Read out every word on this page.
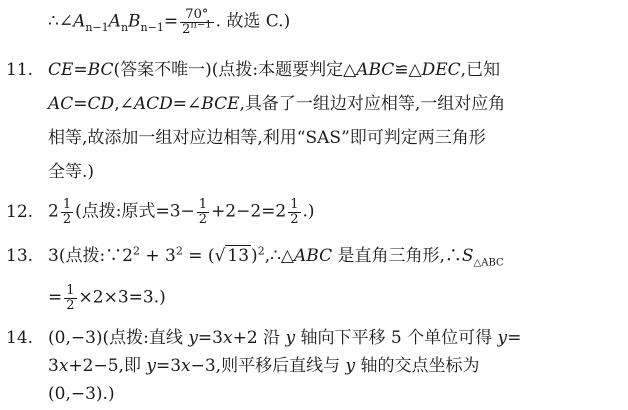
$\therefore\angle A_{n-1}A_nB_{n-1}= \frac{70^\circ}{2^{n-1}}$ . 故选 C.)
11. CE=BC(答案不唯一)(点拨:本题要判定△ABC≌△DEC,已知
AC=CD,∠ACD=∠BCE,具备了一组边对应相等,一组对应角
相等,故添加一组对应边相等,利用“SAS”即可判定两三角形
全等.)
12. $2 \frac{1}{2}$ (点拨:原式$=3- \frac{1}{2} +2-2=2 \frac{1}{2}$ .)
13. 3(点拨$:\because 2^2 + 3^2$ = (√ 13 )$^2$,∴△ABC 是直角三角形$,\therefore S_{\triangle ABC}$
= $\frac{1}{2} \times 2\times 3=3$.)
14. (0,−3)(点拨:直线 y=3x+2 沿 y 轴向下平移 5 个单位可得 y=
3x+2−5,即 y=3x−3,则平移后直线与 y 轴的交点坐标为
(0,−3).)
